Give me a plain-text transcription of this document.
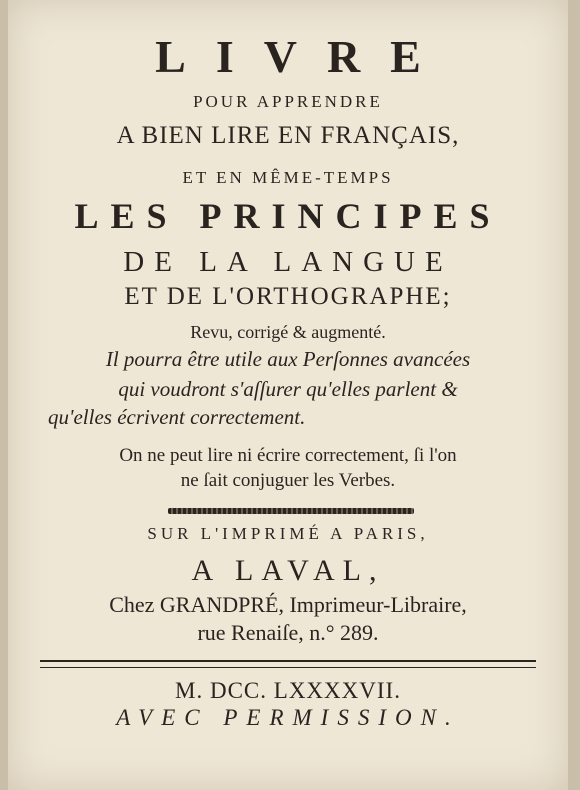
LIVRE
POUR APPRENDRE
A BIEN LIRE EN FRANÇAIS,
ET EN MÊME-TEMPS
LES PRINCIPES
DE LA LANGUE
ET DE L'ORTHOGRAPHE;
Revu, corrigé & augmenté.
Il pourra être utile aux Perſonnes avancées
qui voudront s'aſſurer qu'elles parlent &
qu'elles écrivent correctement.
On ne peut lire ni écrire correctement, ſi l'on
ne ſait conjuguer les Verbes.
SUR L'IMPRIMÉ A PARIS,
A LAVAL,
Chez GRANDPRÉ, Imprimeur-Libraire,
rue Renaiſe, n.° 289.
M. DCC. LXXXXVII.
AVEC PERMISSION.
